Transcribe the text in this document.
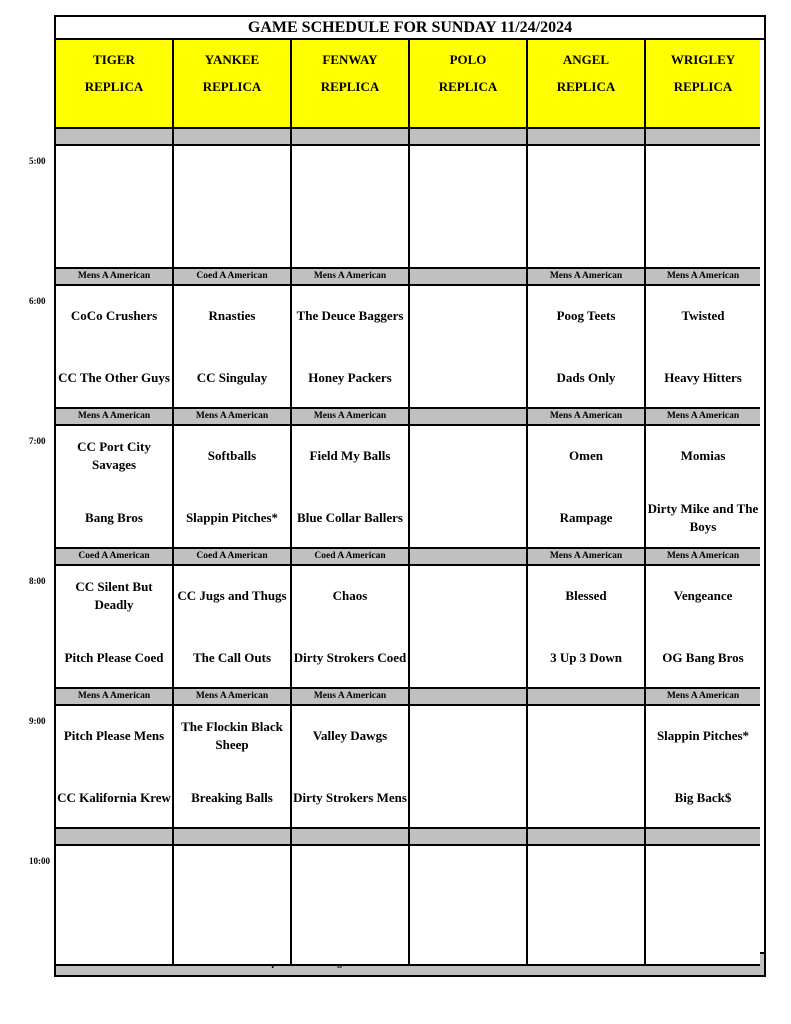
5:00
6:00
7:00
8:00
9:00
10:00
GAME SCHEDULE FOR SUNDAY 11/24/2024
TIGER
REPLICA
YANKEE
REPLICA
FENWAY
REPLICA
POLO
REPLICA
ANGEL
REPLICA
WRIGLEY
REPLICA
Mens A American
CoCo Crushers
CC The Other Guys
Coed A American
Rnasties
CC Singulay
Mens A American
The Deuce Baggers
Honey Packers
Mens A American
Poog Teets
Dads Only
Mens A American
Twisted
Heavy Hitters
Mens A American
CC Port City Savages
Bang Bros
Mens A American
Softballs
Slappin Pitches*
Mens A American
Field My Balls
Blue Collar Ballers
Mens A American
Omen
Rampage
Mens A American
Momias
Dirty Mike and The Boys
Coed A American
CC Silent But Deadly
Pitch Please Coed
Coed A American
CC Jugs and Thugs
The Call Outs
Coed A American
Chaos
Dirty Strokers Coed
Mens A American
Blessed
3 Up 3 Down
Mens A American
Vengeance
OG Bang Bros
Mens A American
Pitch Please Mens
CC Kalifornia Krew
Mens A American
The Flockin Black Sheep
Breaking Balls
Mens A American
Valley Dawgs
Dirty Strokers Mens
Mens A American
Slappin Pitches*
Big Back$
